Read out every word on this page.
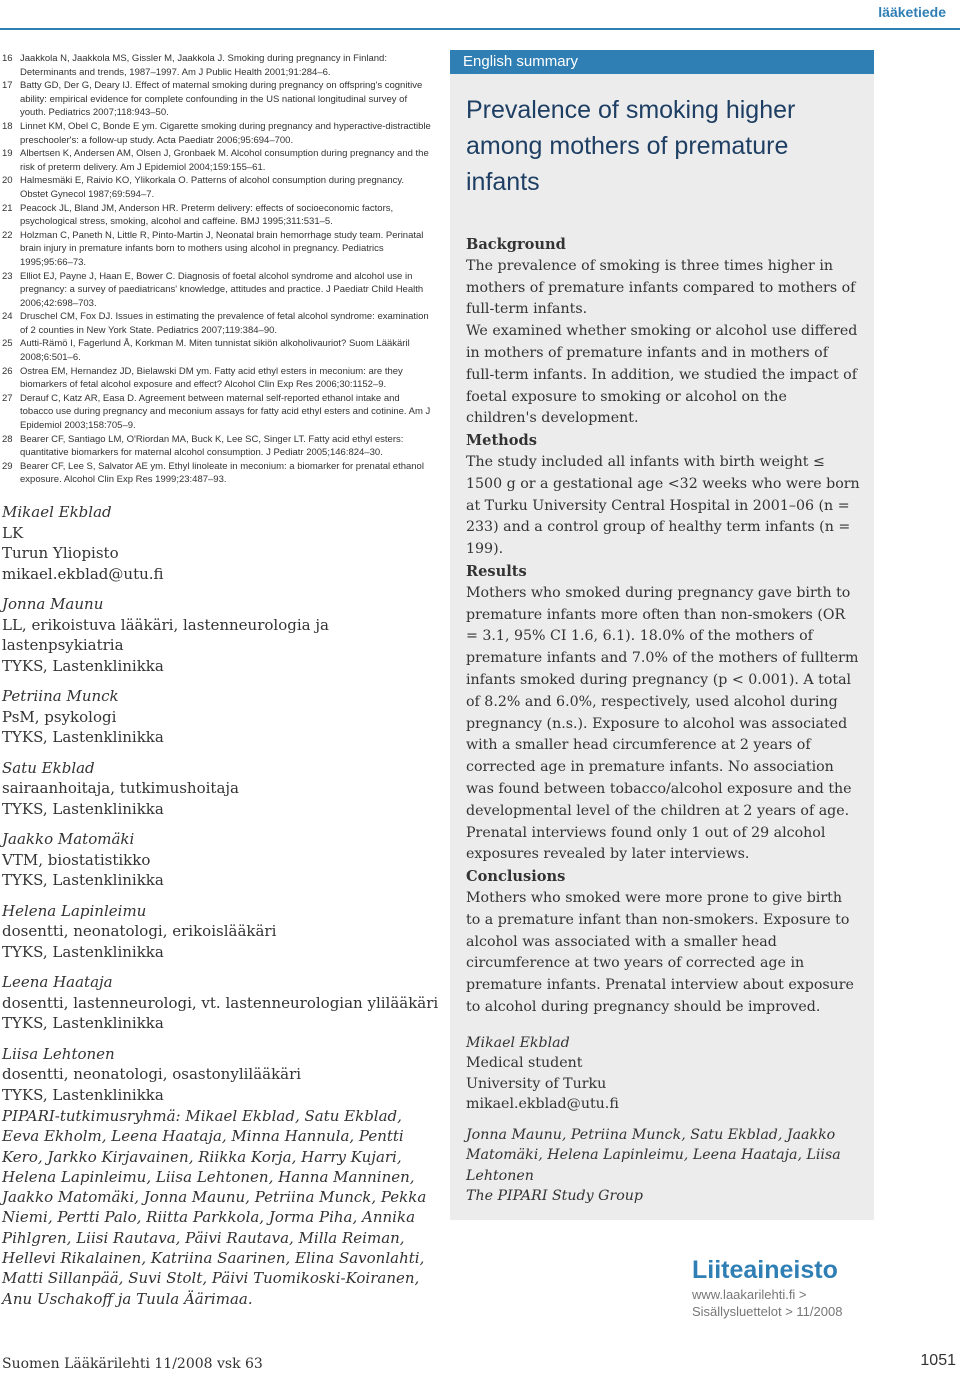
lääketiede
16 Jaakkola N, Jaakkola MS, Gissler M, Jaakkola J. Smoking during pregnancy in Finland: Determinants and trends, 1987–1997. Am J Public Health 2001;91:284–6.
17 Batty GD, Der G, Deary IJ. Effect of maternal smoking during pregnancy on offspring's cognitive ability: empirical evidence for complete confounding in the US national longitudinal survey of youth. Pediatrics 2007;118:943–50.
18 Linnet KM, Obel C, Bonde E ym. Cigarette smoking during pregnancy and hyperactive-distractible preschooler's: a follow-up study. Acta Paediatr 2006;95:694–700.
19 Albertsen K, Andersen AM, Olsen J, Gronbaek M. Alcohol consumption during pregnancy and the risk of preterm delivery. Am J Epidemiol 2004;159:155–61.
20 Halmesmäki E, Raivio KO, Ylikorkala O. Patterns of alcohol consumption during pregnancy. Obstet Gynecol 1987;69:594–7.
21 Peacock JL, Bland JM, Anderson HR. Preterm delivery: effects of socioeconomic factors, psychological stress, smoking, alcohol and caffeine. BMJ 1995;311:531–5.
22 Holzman C, Paneth N, Little R, Pinto-Martin J, Neonatal brain hemorrhage study team. Perinatal brain injury in premature infants born to mothers using alcohol in pregnancy. Pediatrics 1995;95:66–73.
23 Elliot EJ, Payne J, Haan E, Bower C. Diagnosis of foetal alcohol syndrome and alcohol use in pregnancy: a survey of paediatricans' knowledge, attitudes and practice. J Paediatr Child Health 2006;42:698–703.
24 Druschel CM, Fox DJ. Issues in estimating the prevalence of fetal alcohol syndrome: examination of 2 counties in New York State. Pediatrics 2007;119:384–90.
25 Autti-Rämö I, Fagerlund Å, Korkman M. Miten tunnistat sikiön alkoholivauriot? Suom Lääkäril 2008;6:501–6.
26 Ostrea EM, Hernandez JD, Bielawski DM ym. Fatty acid ethyl esters in meconium: are they biomarkers of fetal alcohol exposure and effect? Alcohol Clin Exp Res 2006;30:1152–9.
27 Derauf C, Katz AR, Easa D. Agreement between maternal self-reported ethanol intake and tobacco use during pregnancy and meconium assays for fatty acid ethyl esters and cotinine. Am J Epidemiol 2003;158:705–9.
28 Bearer CF, Santiago LM, O'Riordan MA, Buck K, Lee SC, Singer LT. Fatty acid ethyl esters: quantitative biomarkers for maternal alcohol consumption. J Pediatr 2005;146:824–30.
29 Bearer CF, Lee S, Salvator AE ym. Ethyl linoleate in meconium: a biomarker for prenatal ethanol exposure. Alcohol Clin Exp Res 1999;23:487–93.
Mikael Ekblad
LK
Turun Yliopisto
mikael.ekblad@utu.fi
Jonna Maunu
LL, erikoistuva lääkäri, lastenneurologia ja lastenpsykiatria
TYKS, Lastenklinikka
Petriina Munck
PsM, psykologi
TYKS, Lastenklinikka
Satu Ekblad
sairaanhoitaja, tutkimushoitaja
TYKS, Lastenklinikka
Jaakko Matomäki
VTM, biostatistikko
TYKS, Lastenklinikka
Helena Lapinleimu
dosentti, neonatologi, erikoislääkäri
TYKS, Lastenklinikka
Leena Haataja
dosentti, lastenneurologi, vt. lastenneurologian ylilääkäri
TYKS, Lastenklinikka
Liisa Lehtonen
dosentti, neonatologi, osastonylilääkäri
TYKS, Lastenklinikka
PIPARI-tutkimusryhmä: Mikael Ekblad, Satu Ekblad, Eeva Ekholm, Leena Haataja, Minna Hannula, Pentti Kero, Jarkko Kirjavainen, Riikka Korja, Harry Kujari, Helena Lapinleimu, Liisa Lehtonen, Hanna Manninen, Jaakko Matomäki, Jonna Maunu, Petriina Munck, Pekka Niemi, Pertti Palo, Riitta Parkkola, Jorma Piha, Annika Pihlgren, Liisi Rautava, Päivi Rautava, Milla Reiman, Hellevi Rikalainen, Katriina Saarinen, Elina Savonlahti, Matti Sillanpää, Suvi Stolt, Päivi Tuomikoski-Koiranen, Anu Uschakoff ja Tuula Äärimaa.
English summary
Prevalence of smoking higher among mothers of premature infants
Background

The prevalence of smoking is three times higher in mothers of premature infants compared to mothers of full-term infants.

We examined whether smoking or alcohol use differed in mothers of premature infants and in mothers of full-term infants. In addition, we studied the impact of foetal exposure to smoking or alcohol on the children's development.

Methods

The study included all infants with birth weight ≤ 1500 g or a gestational age <32 weeks who were born at Turku University Central Hospital in 2001–06 (n = 233) and a control group of healthy term infants (n = 199).

Results

Mothers who smoked during pregnancy gave birth to premature infants more often than non-smokers (OR = 3.1, 95% CI 1.6, 6.1). 18.0% of the mothers of premature infants and 7.0% of the mothers of fullterm infants smoked during pregnancy (p < 0.001). A total of 8.2% and 6.0%, respectively, used alcohol during pregnancy (n.s.). Exposure to alcohol was associated with a smaller head circumference at 2 years of corrected age in premature infants. No association was found between tobacco/alcohol exposure and the developmental level of the children at 2 years of age. Prenatal interviews found only 1 out of 29 alcohol exposures revealed by later interviews.

Conclusions

Mothers who smoked were more prone to give birth to a premature infant than non-smokers. Exposure to alcohol was associated with a smaller head circumference at two years of corrected age in premature infants. Prenatal interview about exposure to alcohol during pregnancy should be improved.

Mikael Ekblad
Medical student
University of Turku
mikael.ekblad@utu.fi
Jonna Maunu, Petriina Munck, Satu Ekblad, Jaakko Matomäki, Helena Lapinleimu, Leena Haataja, Liisa Lehtonen
The PIPARI Study Group
Liiteaineisto
www.laakarilehti.fi >
Sisällysluettelot > 11/2008
Suomen Lääkärilehti 11/2008 vsk 63	1051
